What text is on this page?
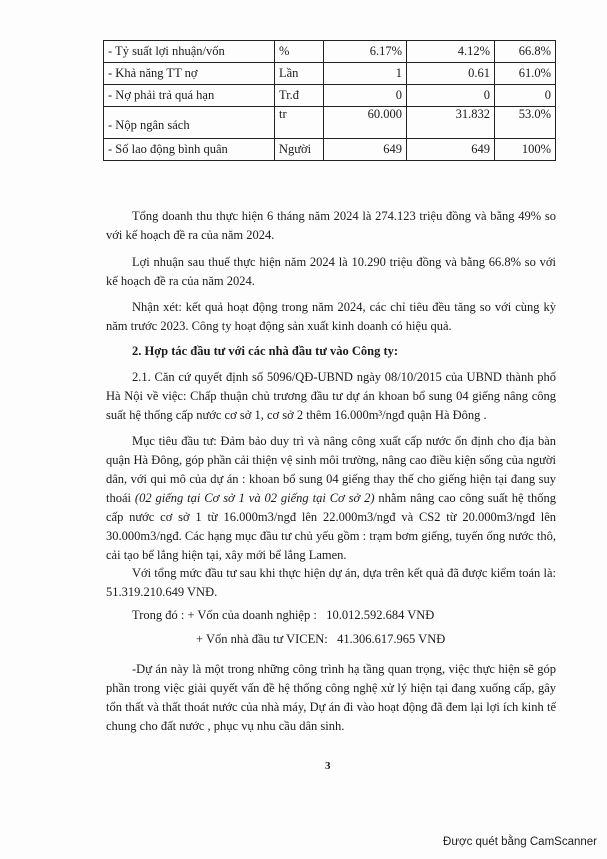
- Tỷ suất lợi nhuận/vốn	%	6.17%	4.12%	66.8%
- Khả năng TT nợ	Lần	1	0.61	61.0%
- Nợ phải trả quá hạn	Tr.đ	0	0	0
- Nộp ngân sách	tr	60.000	31.832	53.0%
- Số lao động bình quân	Người	649	649	100%

Tổng doanh thu thực hiện 6 tháng năm 2024 là 274.123 triệu đồng và bằng 49% so với kế hoạch đề ra của năm 2024.

Lợi nhuận sau thuế thực hiện năm 2024 là 10.290 triệu đồng và bằng 66.8% so với kế hoạch đề ra của năm 2024.

Nhận xét: kết quả hoạt động trong năm 2024, các chỉ tiêu đều tăng so với cùng kỳ năm trước 2023. Công ty hoạt động sản xuất kinh doanh có hiệu quả.

2. Hợp tác đầu tư với các nhà đầu tư vào Công ty:

2.1. Căn cứ quyết định số 5096/QĐ-UBND ngày 08/10/2015 của UBND thành phố Hà Nội về việc: Chấp thuận chủ trương đầu tư dự án khoan bổ sung 04 giếng nâng công suất hệ thống cấp nước cơ sở 1, cơ sở 2 thêm 16.000m³/ngđ quận Hà Đông .

Mục tiêu đầu tư: Đảm bảo duy trì và nâng công xuất cấp nước ổn định cho địa bàn quận Hà Đông, góp phần cải thiện vệ sinh môi trường, nâng cao điều kiện sống của người dân, với qui mô của dự án : khoan bổ sung 04 giếng thay thế cho giếng hiện tại đang suy thoái (02 giếng tại Cơ sở 1 và 02 giếng tại Cơ sở 2) nhằm nâng cao công suất hệ thống cấp nước cơ sở 1 từ 16.000m3/ngđ lên 22.000m3/ngđ và CS2 từ 20.000m3/ngđ lên 30.000m3/ngđ. Các hạng mục đầu tư chủ yếu gồm : trạm bơm giếng, tuyến ống nước thô, cải tạo bể lắng hiện tại, xây mới bể lắng Lamen.

Với tổng mức đầu tư sau khi thực hiện dự án, dựa trên kết quả đã được kiểm toán là: 51.319.210.649 VNĐ.

Trong đó : + Vốn của doanh nghiệp : 10.012.592.684 VNĐ

+ Vốn nhà đầu tư VICEN: 41.306.617.965 VNĐ

-Dự án này là một trong những công trình hạ tầng quan trọng, việc thực hiện sẽ góp phần trong việc giải quyết vấn đề hệ thống công nghệ xử lý hiện tại đang xuống cấp, gây tổn thất và thất thoát nước của nhà máy, Dự án đi vào hoạt động đã đem lại lợi ích kinh tế chung cho đất nước , phục vụ nhu cầu dân sinh.

3
Được quét bằng CamScanner
